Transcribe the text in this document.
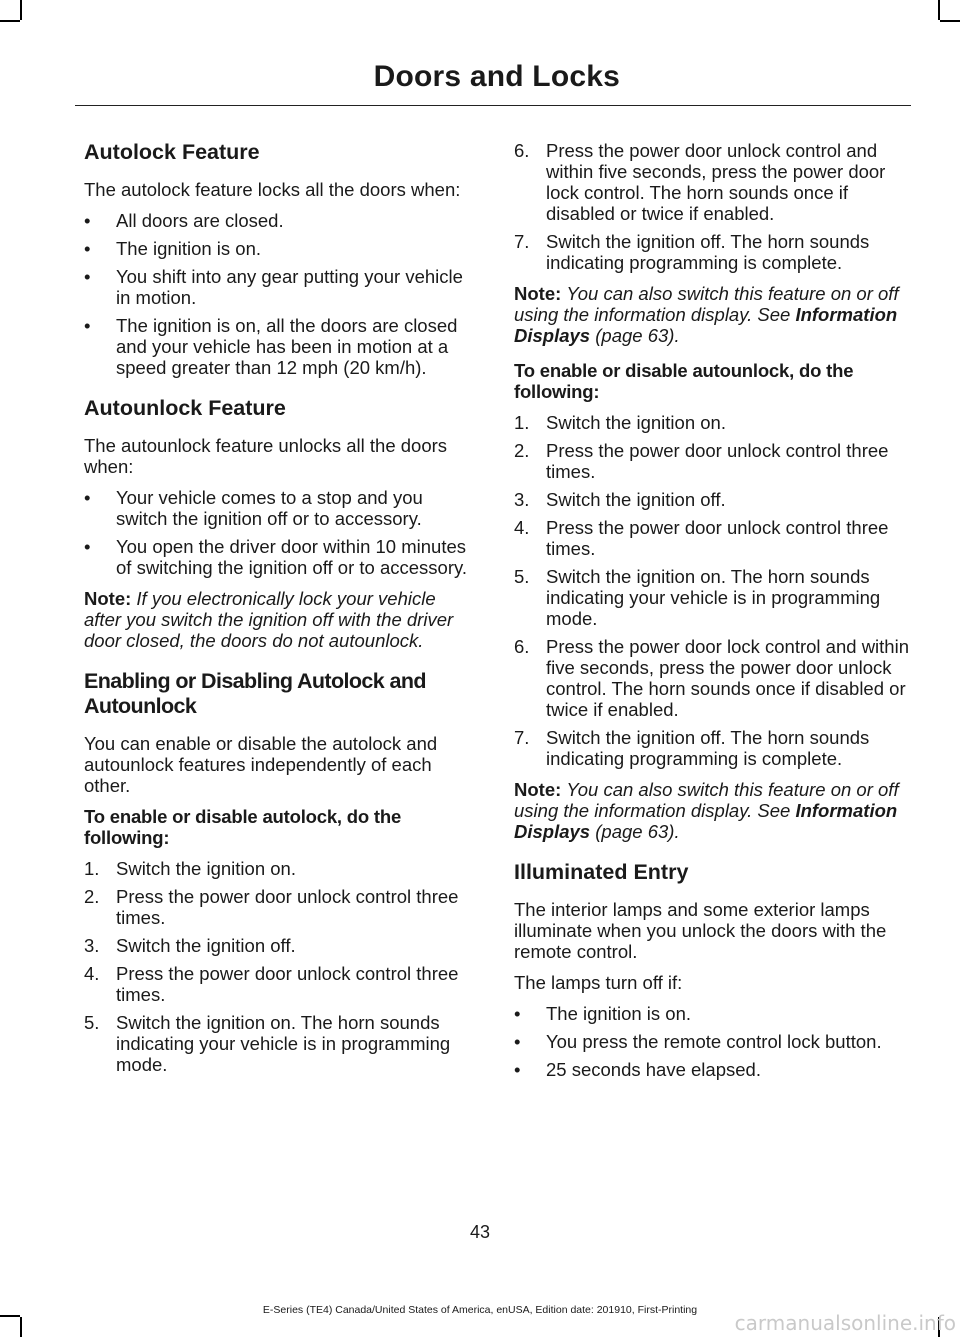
Doors and Locks
Autolock Feature

The autolock feature locks all the doors when:

• All doors are closed.
• The ignition is on.
• You shift into any gear putting your vehicle in motion.
• The ignition is on, all the doors are closed and your vehicle has been in motion at a speed greater than 12 mph (20 km/h).
Autounlock Feature

The autounlock feature unlocks all the doors when:

• Your vehicle comes to a stop and you switch the ignition off or to accessory.
• You open the driver door within 10 minutes of switching the ignition off or to accessory.

Note: If you electronically lock your vehicle after you switch the ignition off with the driver door closed, the doors do not autounlock.

Enabling or Disabling Autolock and Autounlock

You can enable or disable the autolock and autounlock features independently of each other.

To enable or disable autolock, do the following:

1. Switch the ignition on.
2. Press the power door unlock control three times.
3. Switch the ignition off.
4. Press the power door unlock control three times.
5. Switch the ignition on. The horn sounds indicating your vehicle is in programming mode.
6. Press the power door unlock control and within five seconds, press the power door lock control. The horn sounds once if disabled or twice if enabled.
7. Switch the ignition off. The horn sounds indicating programming is complete.

Note: You can also switch this feature on or off using the information display. See Information Displays (page 63).

To enable or disable autounlock, do the following:

1. Switch the ignition on.
2. Press the power door unlock control three times.
3. Switch the ignition off.
4. Press the power door unlock control three times.
5. Switch the ignition on. The horn sounds indicating your vehicle is in programming mode.
6. Press the power door lock control and within five seconds, press the power door unlock control. The horn sounds once if disabled or twice if enabled.
7. Switch the ignition off. The horn sounds indicating programming is complete.

Note: You can also switch this feature on or off using the information display. See Information Displays (page 63).

Illuminated Entry

The interior lamps and some exterior lamps illuminate when you unlock the doors with the remote control.

The lamps turn off if:

• The ignition is on.
• You press the remote control lock button.
• 25 seconds have elapsed.
43
E-Series (TE4) Canada/United States of America, enUSA, Edition date: 201910, First-Printing
carmanualsonline.info
